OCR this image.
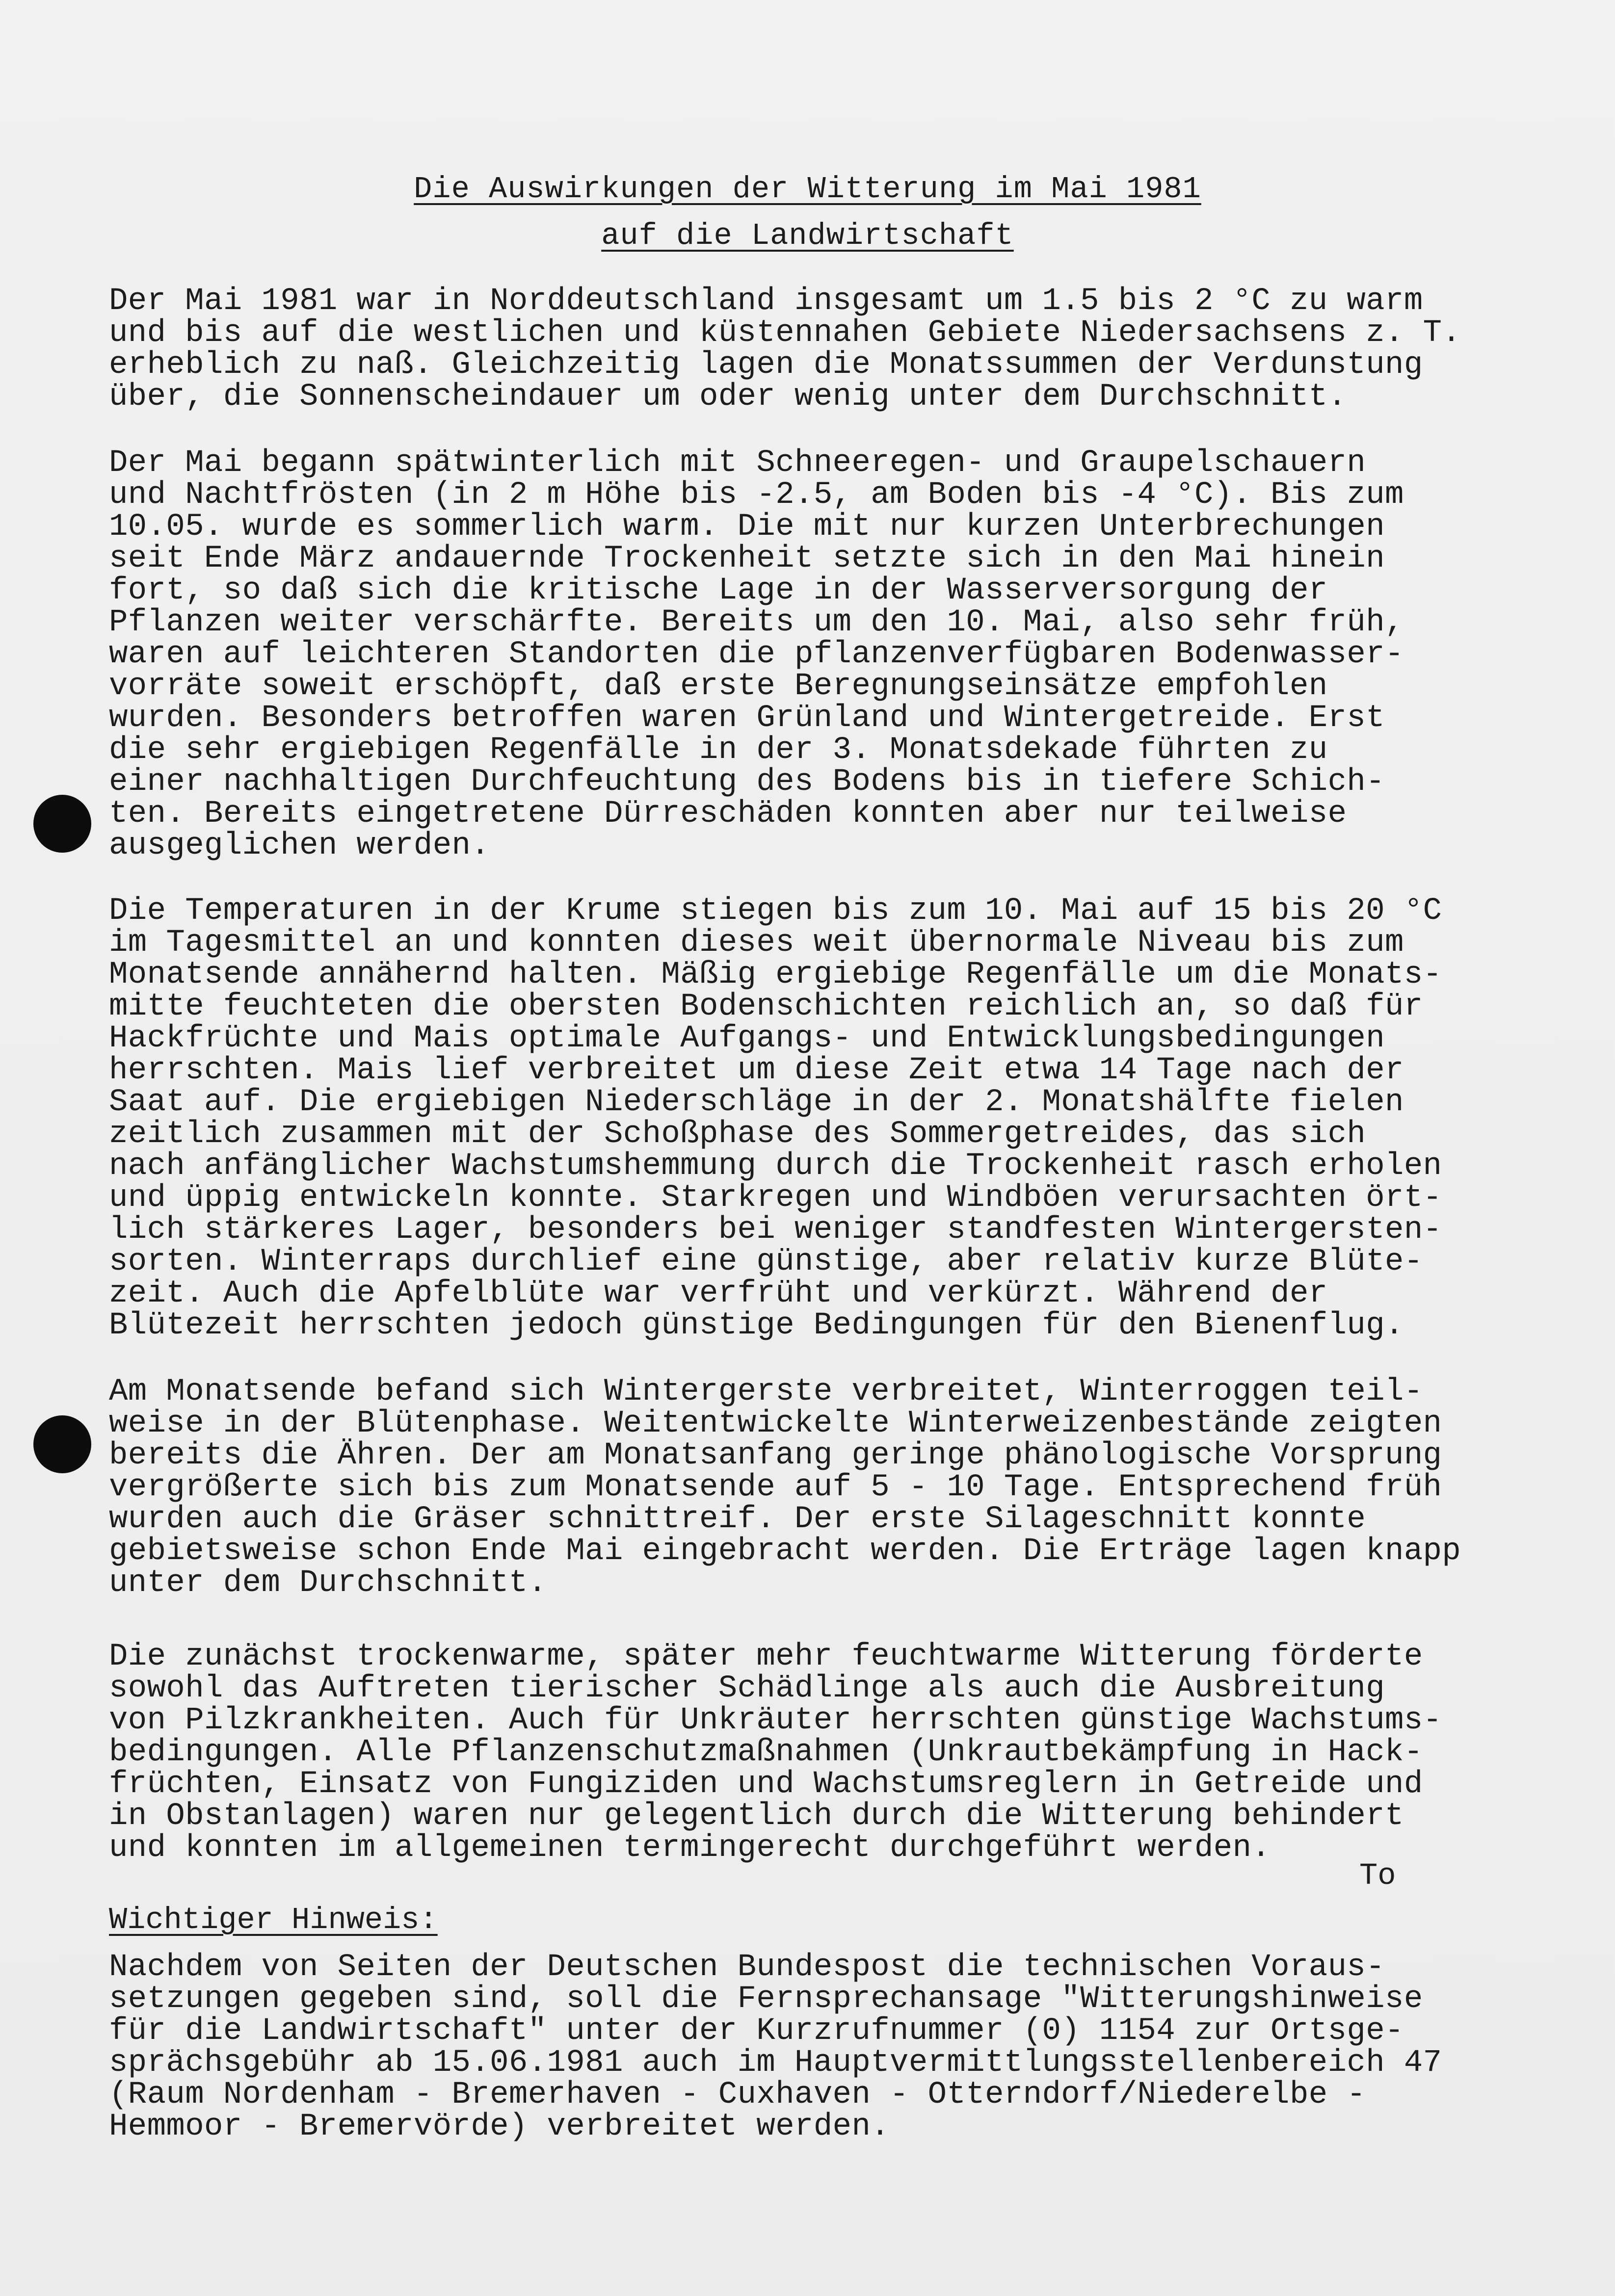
Die Auswirkungen der Witterung im Mai 1981
auf die Landwirtschaft
Der Mai 1981 war in Norddeutschland insgesamt um 1.5 bis 2 °C zu warm
und bis auf die westlichen und küstennahen Gebiete Niedersachsens z. T.
erheblich zu naß. Gleichzeitig lagen die Monatssummen der Verdunstung
über, die Sonnenscheindauer um oder wenig unter dem Durchschnitt.
Der Mai begann spätwinterlich mit Schneeregen- und Graupelschauern
und Nachtfrösten (in 2 m Höhe bis -2.5, am Boden bis -4 °C). Bis zum
10.05. wurde es sommerlich warm. Die mit nur kurzen Unterbrechungen
seit Ende März andauernde Trockenheit setzte sich in den Mai hinein
fort, so daß sich die kritische Lage in der Wasserversorgung der
Pflanzen weiter verschärfte. Bereits um den 10. Mai, also sehr früh,
waren auf leichteren Standorten die pflanzenverfügbaren Bodenwasser-
vorräte soweit erschöpft, daß erste Beregnungseinsätze empfohlen
wurden. Besonders betroffen waren Grünland und Wintergetreide. Erst
die sehr ergiebigen Regenfälle in der 3. Monatsdekade führten zu
einer nachhaltigen Durchfeuchtung des Bodens bis in tiefere Schich-
ten. Bereits eingetretene Dürreschäden konnten aber nur teilweise
ausgeglichen werden.
Die Temperaturen in der Krume stiegen bis zum 10. Mai auf 15 bis 20 °C
im Tagesmittel an und konnten dieses weit übernormale Niveau bis zum
Monatsende annähernd halten. Mäßig ergiebige Regenfälle um die Monats-
mitte feuchteten die obersten Bodenschichten reichlich an, so daß für
Hackfrüchte und Mais optimale Aufgangs- und Entwicklungsbedingungen
herrschten. Mais lief verbreitet um diese Zeit etwa 14 Tage nach der
Saat auf. Die ergiebigen Niederschläge in der 2. Monatshälfte fielen
zeitlich zusammen mit der Schoßphase des Sommergetreides, das sich
nach anfänglicher Wachstumshemmung durch die Trockenheit rasch erholen
und üppig entwickeln konnte. Starkregen und Windböen verursachten ört-
lich stärkeres Lager, besonders bei weniger standfesten Wintergersten-
sorten. Winterraps durchlief eine günstige, aber relativ kurze Blüte-
zeit. Auch die Apfelblüte war verfrüht und verkürzt. Während der
Blütezeit herrschten jedoch günstige Bedingungen für den Bienenflug.
Am Monatsende befand sich Wintergerste verbreitet, Winterroggen teil-
weise in der Blütenphase. Weitentwickelte Winterweizenbestände zeigten
bereits die Ähren. Der am Monatsanfang geringe phänologische Vorsprung
vergrößerte sich bis zum Monatsende auf 5 - 10 Tage. Entsprechend früh
wurden auch die Gräser schnittreif. Der erste Silageschnitt konnte
gebietsweise schon Ende Mai eingebracht werden. Die Erträge lagen knapp
unter dem Durchschnitt.
Die zunächst trockenwarme, später mehr feuchtwarme Witterung förderte
sowohl das Auftreten tierischer Schädlinge als auch die Ausbreitung
von Pilzkrankheiten. Auch für Unkräuter herrschten günstige Wachstums-
bedingungen. Alle Pflanzenschutzmaßnahmen (Unkrautbekämpfung in Hack-
früchten, Einsatz von Fungiziden und Wachstumsreglern in Getreide und
in Obstanlagen) waren nur gelegentlich durch die Witterung behindert
und konnten im allgemeinen termingerecht durchgeführt werden.
To
Wichtiger Hinweis:
Nachdem von Seiten der Deutschen Bundespost die technischen Voraus-
setzungen gegeben sind, soll die Fernsprechansage "Witterungshinweise
für die Landwirtschaft" unter der Kurzrufnummer (0) 1154 zur Ortsge-
sprächsgebühr ab 15.06.1981 auch im Hauptvermittlungsstellenbereich 47
(Raum Nordenham - Bremerhaven - Cuxhaven - Otterndorf/Niederelbe -
Hemmoor - Bremervörde) verbreitet werden.
